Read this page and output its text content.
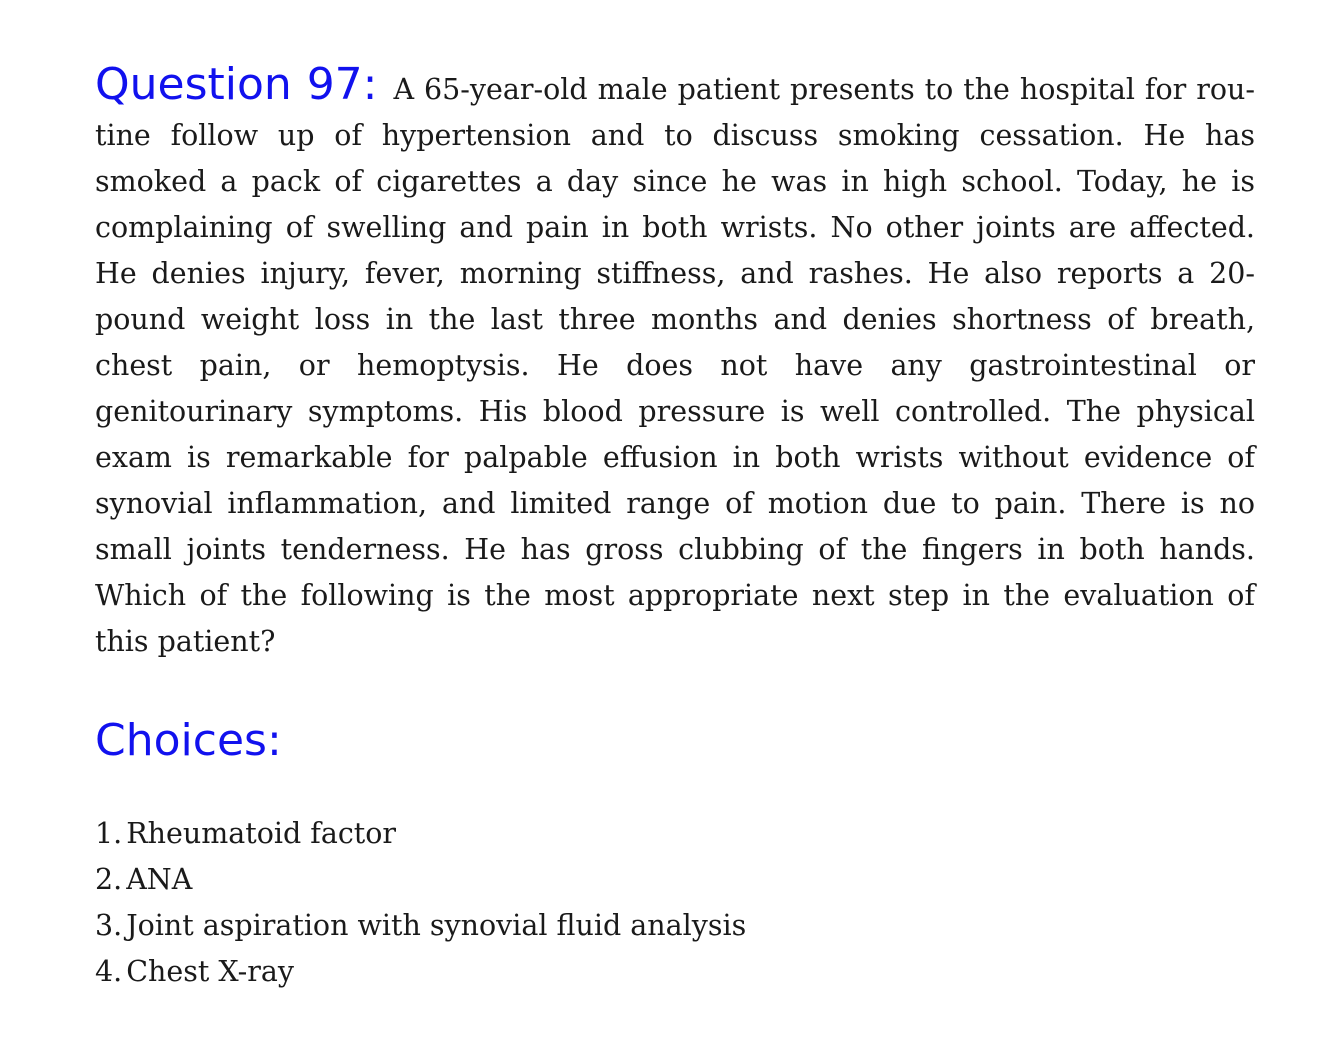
Question 97: A 65-year-old male patient presents to the hospital for routine follow up of hypertension and to discuss smoking cessation. He has smoked a pack of cigarettes a day since he was in high school. Today, he is complaining of swelling and pain in both wrists. No other joints are affected. He denies injury, fever, morning stiffness, and rashes. He also reports a 20-pound weight loss in the last three months and denies shortness of breath, chest pain, or hemoptysis. He does not have any gastrointestinal or genitourinary symptoms. His blood pressure is well controlled. The physical exam is remarkable for palpable effusion in both wrists without evidence of synovial inflammation, and limited range of motion due to pain. There is no small joints tenderness. He has gross clubbing of the fingers in both hands. Which of the following is the most appropriate next step in the evaluation of this patient?

Choices:
1. Rheumatoid factor
2. ANA
3. Joint aspiration with synovial fluid analysis
4. Chest X-ray
